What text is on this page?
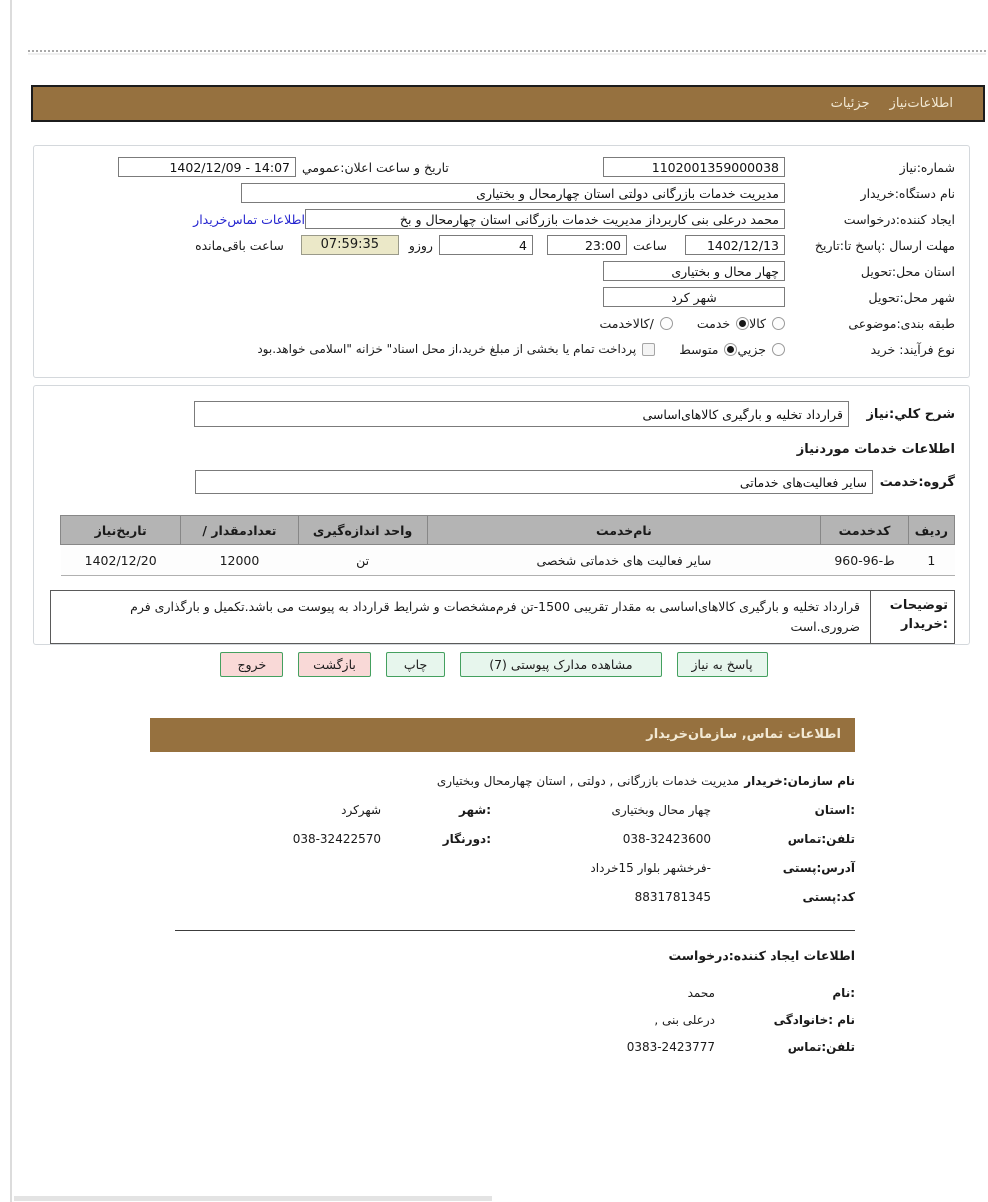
اطلاعات‌نیاز
جزئیات
شماره:نیاز
1102001359000038
تاریخ و ساعت اعلان:عمومي
1402/12/09 - 14:07
نام دستگاه:خریدار
مدیریت خدمات بازرگانی دولتی استان چهارمحال و بختیاری
ایجاد کننده:درخواست
محمد درعلی بنی کاربرداز مدیریت خدمات بازرگانی استان چهارمحال و بخ
اطلاعات تماس‌خریدار
مهلت ارسال :پاسخ تا:تاریخ
1402/12/13
ساعت
23:00
4
روزو
07:59:35
ساعت باقی‌مانده
استان محل:تحویل
چهار محال و بختیاری
شهر محل:تحویل
شهر کرد
طبقه بندی:موضوعی
کالا
خدمت
/کالاخدمت
نوع فرآیند: خرید
جزیي
متوسط
پرداخت تمام یا بخشی از مبلغ خرید،از محل اسناد" خزانه "اسلامی خواهد.بود
شرح کلي:نیاز
قرارداد تخلیه و بارگیری کالاهای‌اساسی
اطلاعات خدمات موردنیاز
گروه:خدمت
سایر فعالیت‌های خدماتی
ردیف	کدخدمت	نام‌خدمت	واحد اندازه‌گیری	تعدادمقدار /	تاریخ‌نیاز
1	960-96-ط	سایر فعالیت های خدماتی شخصی	تن	12000	1402/12/20
توضیحات :خریدار
قرارداد تخلیه و بارگیری کالاهای‌اساسی به مقدار تقریبی 1500-تن فرم‌مشخصات و شرایط قرارداد به پیوست می باشد.تکمیل و بارگذاری فرم ضروری.است
پاسخ به نیاز
مشاهده مدارک پیوستی (7)
چاپ
بازگشت
خروج
اطلاعات تماس, سازمان‌خریدار
نام سازمان:خریدار
مدیریت خدمات بازرگانی , دولتی , استان چهارمحال وبختیاری
:استان
چهار محال وبختیاری
:شهر
شهرکرد
تلفن:تماس
038-32423600
:دورنگار
038-32422570
آدرس:پستی
-فرخشهر بلوار 15خرداد
کد:پستی
8831781345
اطلاعات ایجاد کننده:درخواست
:نام
محمد
نام :خانوادگی
درعلی بنی ,
تلفن:تماس
0383-2423777
